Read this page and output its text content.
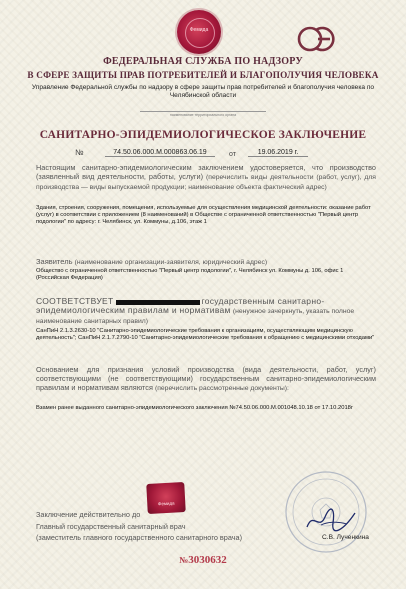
Фемида
ФЕДЕРАЛЬНАЯ СЛУЖБА ПО НАДЗОРУ
В СФЕРЕ ЗАЩИТЫ ПРАВ ПОТРЕБИТЕЛЕЙ И БЛАГОПОЛУЧИЯ ЧЕЛОВЕКА
Управление Федеральной службы по надзору в сфере защиты прав потребителей и благополучия человека по Челябинской области
наименование территориального органа
САНИТАРНО-ЭПИДЕМИОЛОГИЧЕСКОЕ ЗАКЛЮЧЕНИЕ
№	74.50.06.000.М.000863.06.19	от	19.06.2019 г.
Настоящим санитарно-эпидемиологическим заключением удостоверяется, что производство (заявленный вид деятельности, работы, услуги) (перечислить виды деятельности (работ, услуг), для производства — виды выпускаемой продукции; наименование объекта фактический адрес)
Здания, строения, сооружения, помещения, используемые для осуществления медицинской деятельности: оказание работ (услуг) в соответствии с приложением (8 наименований) в Обществе с ограниченной ответственностью "Первый центр подологии" по адресу: г. Челябинск, ул. Коммуны, д.106, этаж 1
Заявитель (наименование организации-заявителя, юридический адрес)
Общество с ограниченной ответственностью "Первый центр подологии", г. Челябинск ул. Коммуны д. 106, офис 1 (Российская Федерация)
СООТВЕТСТВУЕТ НЕ СООТВЕТСТВУЕТ	государственным санитарно-эпидемиологическим правилам и нормативам (ненужное зачеркнуть, указать полное наименование санитарных правил)
СанПиН 2.1.3.2630-10 "Санитарно-эпидемиологические требования к организациям, осуществляющим медицинскую деятельность"; СанПиН 2.1.7.2790-10 "Санитарно-эпидемиологические требования к обращению с медицинскими отходами"
Основанием для признания условий производства (вида деятельности, работ, услуг) соответствующими (не соответствующими) государственным санитарно-эпидемиологическим правилам и нормативам являются (перечислить рассмотренные документы):
Взамен ранее выданного санитарно-эпидемиологического заключения №74.50.06.000.М.001048.10.18 от 17.10.2018г
Фемида
Заключение действительно до
Главный государственный санитарный врач
(заместитель главного государственного санитарного врача)	С.В. Лученкина
№3030632
